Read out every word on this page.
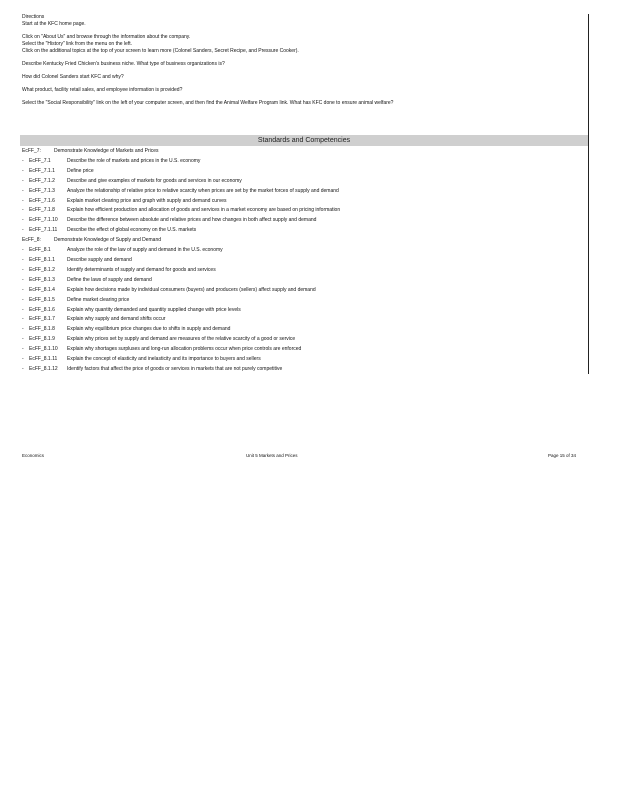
Directions
Start at the KFC home page.
Click on "About Us" and browse through the information about the company.
Select the "History" link from the menu on the left.
Click on the additional topics at the top of your screen to learn more (Colonel Sanders, Secret Recipe, and Pressure Cooker).
Describe Kentucky Fried Chicken's business niche. What type of business organizations is?
How did Colonel Sanders start KFC and why?
What product, facility retail sales, and employee information is provided?
Select the "Social Responsibility" link on the left of your computer screen, and then find the Animal Welfare Program link. What has KFC done to ensure animal welfare?
Standards and Competencies
EcFF_7:	Demonstrate Knowledge of Markets and Prices
- EcFF_7.1	Describe the role of markets and prices in the U.S. economy
- EcFF_7.1.1 Define price
- EcFF_7.1.2 Describe and give examples of markets for goods and services in our economy
- EcFF_7.1.3 Analyze the relationship of relative price to relative scarcity when prices are set by the market forces of supply and demand
- EcFF_7.1.6 Explain market clearing price and graph with supply and demand curves
- EcFF_7.1.8 Explain how efficient production and allocation of goods and services in a market economy are based on pricing information
- EcFF_7.1.10 Describe the difference between absolute and relative prices and how changes in both affect supply and demand
- EcFF_7.1.11 Describe the effect of global economy on the U.S. markets
EcFF_8:	Demonstrate Knowledge of Supply and Demand
- EcFF_8.1	Analyze the role of the law of supply and demand in the U.S. economy
- EcFF_8.1.1 Describe supply and demand
- EcFF_8.1.2 Identify determinants of supply and demand for goods and services
- EcFF_8.1.3 Define the laws of supply and demand
- EcFF_8.1.4 Explain how decisions made by individual consumers (buyers) and producers (sellers) affect supply and demand
- EcFF_8.1.5 Define market clearing price
- EcFF_8.1.6 Explain why quantity demanded and quantity supplied change with price levels
- EcFF_8.1.7 Explain why supply and demand shifts occur
- EcFF_8.1.8 Explain why equilibrium price changes due to shifts in supply and demand
- EcFF_8.1.9 Explain why prices set by supply and demand are measures of the relative scarcity of a good or service
- EcFF_8.1.10 Explain why shortages surpluses and long-run allocation problems occur when price controls are enforced
- EcFF_8.1.11 Explain the concept of elasticity and inelasticity and its importance to buyers and sellers
- EcFF_8.1.12 Identify factors that affect the price of goods or services in markets that are not purely competitive
Economics	Unit 5 Markets and Prices	Page 15 of 34
